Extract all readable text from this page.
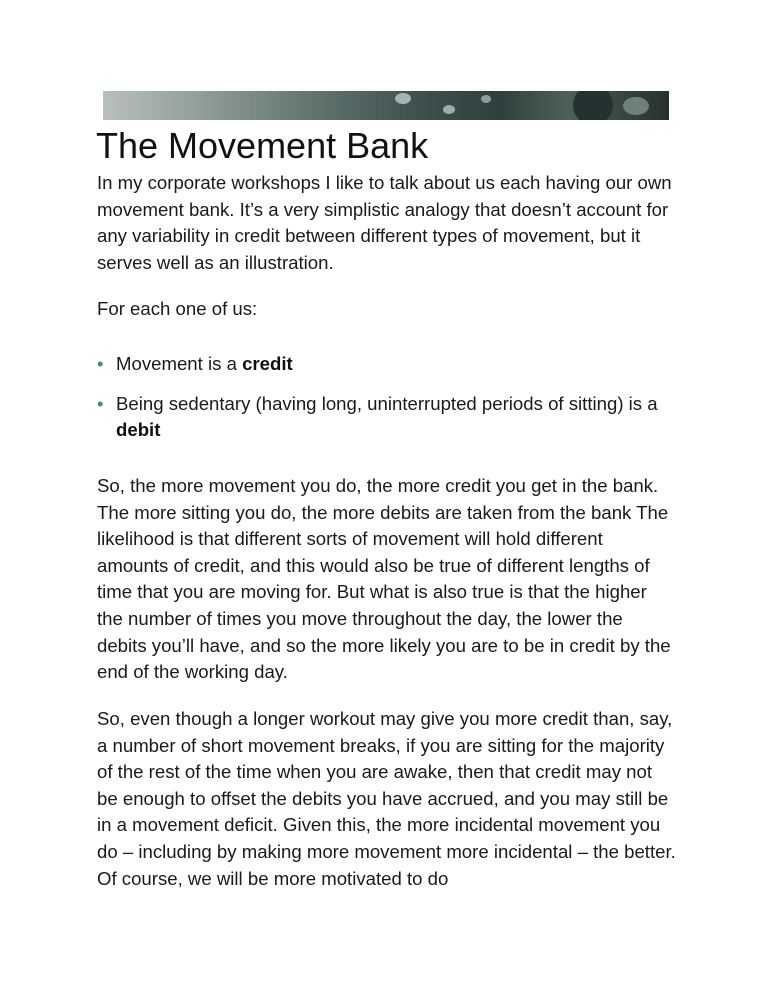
The Movement Bank

In my corporate workshops I like to talk about us each having our own movement bank. It’s a very simplistic analogy that doesn’t account for any variability in credit between different types of movement, but it serves well as an illustration.

For each one of us:

• Movement is a credit
• Being sedentary (having long, uninterrupted periods of sitting) is a debit

So, the more movement you do, the more credit you get in the bank. The more sitting you do, the more debits are taken from the bank The likelihood is that different sorts of movement will hold different amounts of credit, and this would also be true of different lengths of time that you are moving for. But what is also true is that the higher the number of times you move throughout the day, the lower the debits you’ll have, and so the more likely you are to be in credit by the end of the working day.

So, even though a longer workout may give you more credit than, say, a number of short movement breaks, if you are sitting for the majority of the rest of the time when you are awake, then that credit may not be enough to offset the debits you have accrued, and you may still be in a movement deficit. Given this, the more incidental movement you do – including by making more movement more incidental – the better. Of course, we will be more motivated to do
